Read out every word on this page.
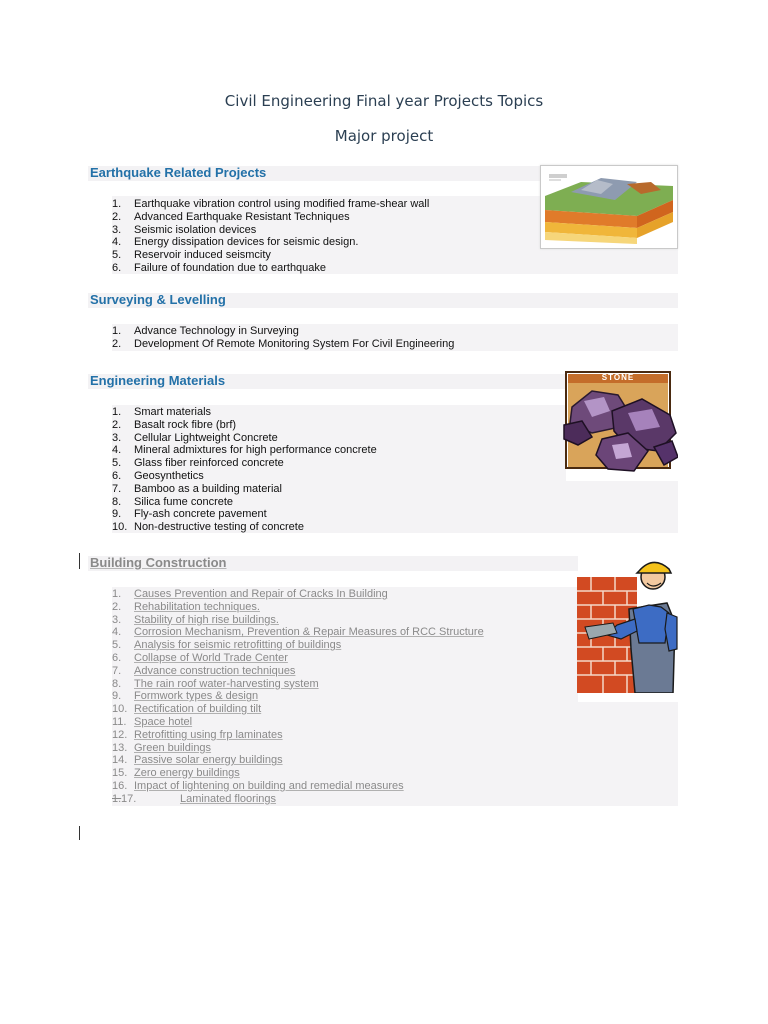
Civil Engineering Final year Projects Topics
Major project
Earthquake Related Projects
1. Earthquake vibration control using modified frame-shear wall
2. Advanced Earthquake Resistant Techniques
3. Seismic isolation devices
4. Energy dissipation devices for seismic design.
5. Reservoir induced seismcity
6. Failure of foundation due to earthquake
Surveying & Levelling
1. Advance Technology in Surveying
2. Development Of Remote Monitoring System For Civil Engineering
Engineering Materials
1. Smart materials
2. Basalt rock fibre (brf)
3. Cellular Lightweight Concrete
4. Mineral admixtures for high performance concrete
5. Glass fiber reinforced concrete
6. Geosynthetics
7. Bamboo as a building material
8. Silica fume concrete
9. Fly-ash concrete pavement
10. Non-destructive testing of concrete
STONE
Building Construction
1. Causes Prevention and Repair of Cracks In Building
2. Rehabilitation techniques.
3. Stability of high rise buildings.
4. Corrosion Mechanism, Prevention & Repair Measures of RCC Structure
5. Analysis for seismic retrofitting of buildings
6. Collapse of World Trade Center
7. Advance construction techniques
8. The rain roof water-harvesting system
9. Formwork types & design
10. Rectification of building tilt
11. Space hotel
12. Retrofitting using frp laminates
13. Green buildings
14. Passive solar energy buildings
15. Zero energy buildings
16. Impact of lightening on building and remedial measures
1.17.	Laminated floorings
